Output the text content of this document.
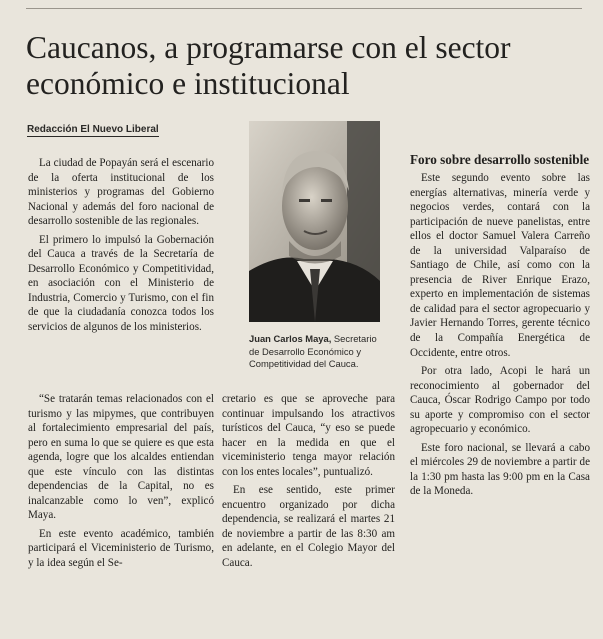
Caucanos, a programarse con el sector económico e institucional
Redacción El Nuevo Liberal

La ciudad de Popayán será el escenario de la oferta institucional de los ministerios y programas del Gobierno Nacional y además del foro nacional de desarrollo sostenible de las regionales.

El primero lo impulsó la Gobernación del Cauca a través de la Secretaría de Desarrollo Económico y Competitividad, en asociación con el Ministerio de Industria, Comercio y Turismo, con el fin de que la ciudadanía conozca todos los servicios de algunos de los ministerios.

Juan Carlos Maya, Secretario de Desarrollo Económico y Competitividad del Cauca.

“Se tratarán temas relacionados con el turismo y las mipymes, que contribuyen al fortalecimiento empresarial del país, pero en suma lo que se quiere es que esta agenda, logre que los alcaldes entiendan que este vínculo con las distintas dependencias de la Capital, no es inalcanzable como lo ven”, explicó Maya.

En este evento académico, también participará el Viceministerio de Turismo, y la idea según el Se-

cretario es que se aproveche para continuar impulsando los atractivos turísticos del Cauca, “y eso se puede hacer en la medida en que el viceministerio tenga mayor relación con los entes locales”, puntualizó.

En ese sentido, este primer encuentro organizado por dicha dependencia, se realizará el martes 21 de noviembre a partir de las 8:30 am en adelante, en el Colegio Mayor del Cauca.

Foro sobre desarrollo sostenible

Este segundo evento sobre las energías alternativas, minería verde y negocios verdes, contará con la participación de nueve panelistas, entre ellos el doctor Samuel Valera Carreño de la universidad Valparaíso de Santiago de Chile, así como con la presencia de River Enrique Erazo, experto en implementación de sistemas de calidad para el sector agropecuario y Javier Hernando Torres, gerente técnico de la Compañía Energética de Occidente, entre otros.

Por otra lado, Acopi le hará un reconocimiento al gobernador del Cauca, Óscar Rodrigo Campo por todo su aporte y compromiso con el sector agropecuario y económico.

Este foro nacional, se llevará a cabo el miércoles 29 de noviembre a partir de la 1:30 pm hasta las 9:00 pm en la Casa de la Moneda.
